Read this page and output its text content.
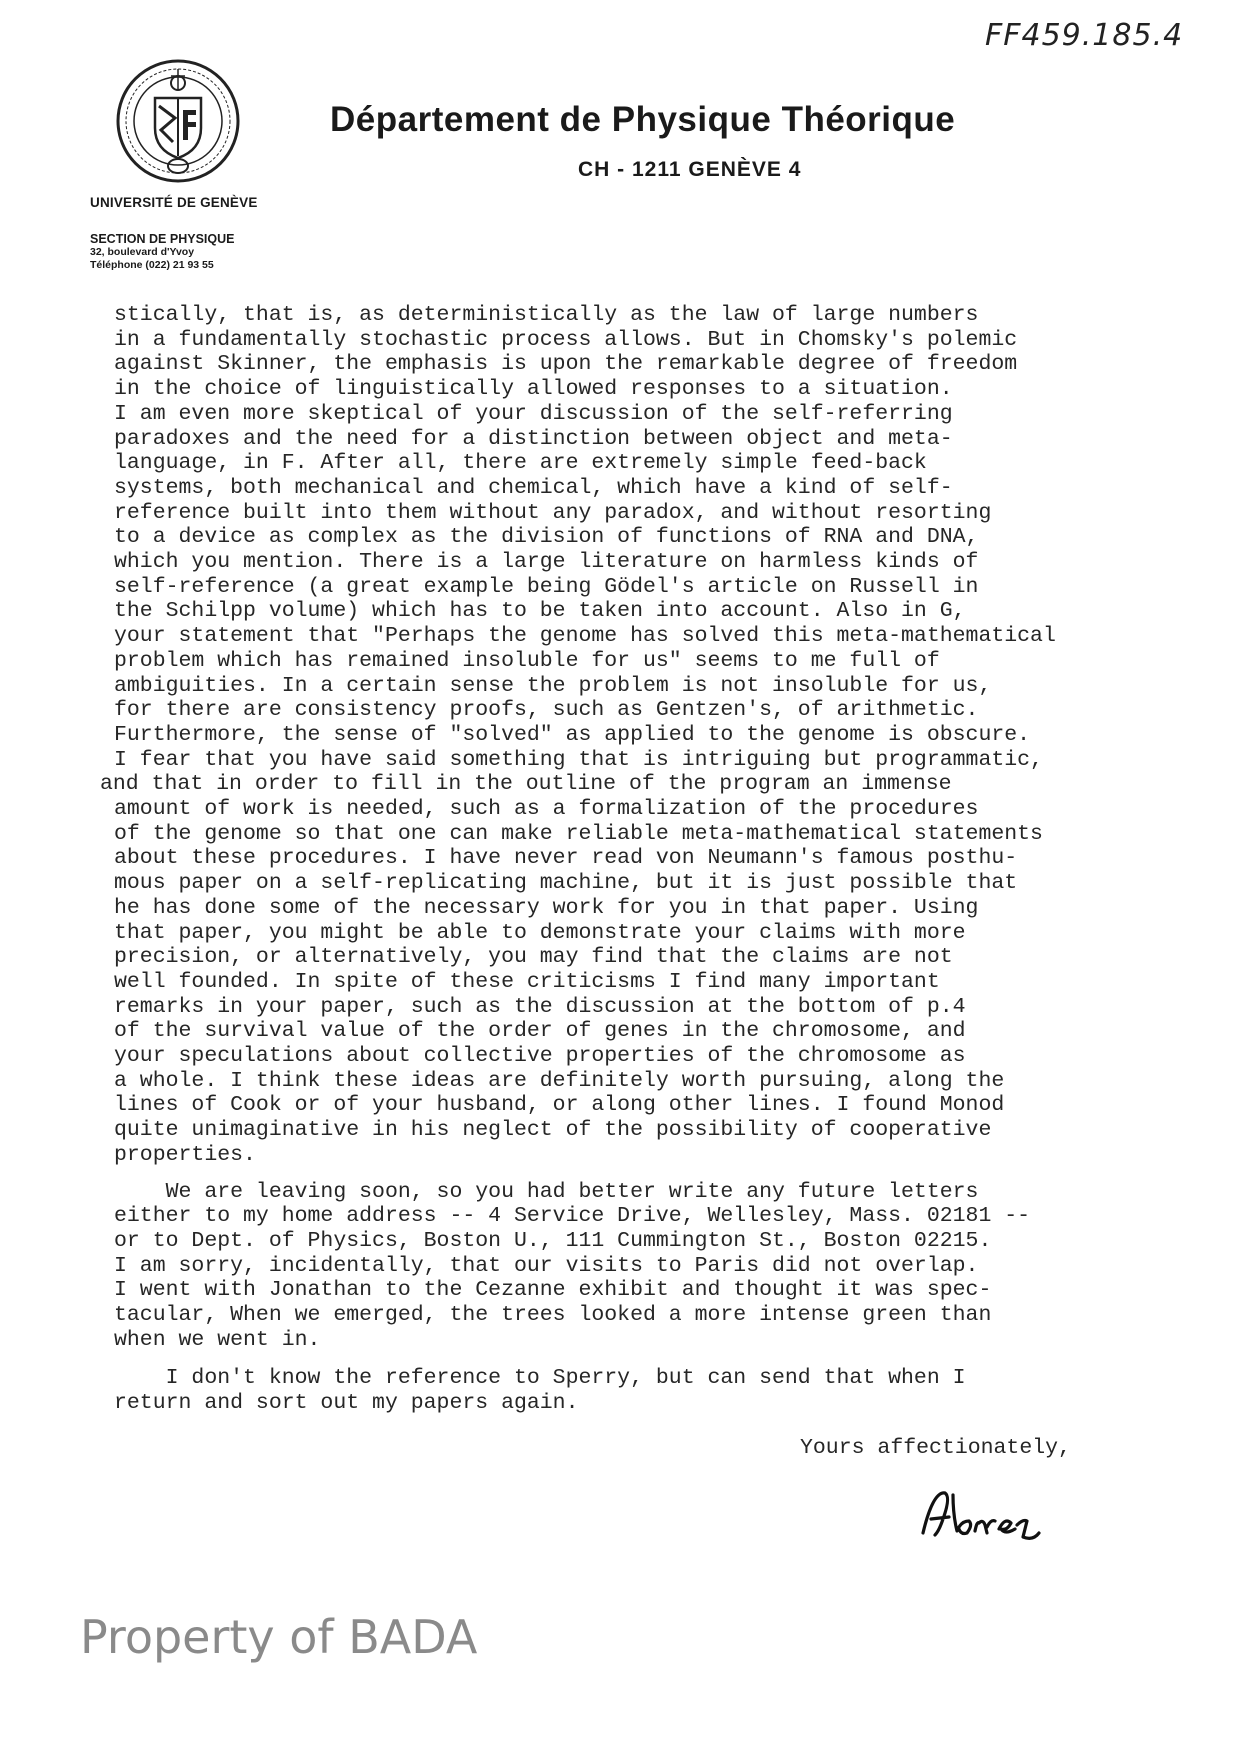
FF459.185.4
UNIVERSITÉ DE GENÈVE
SECTION DE PHYSIQUE
32, boulevard d'Yvoy
Téléphone (022) 21 93 55
Département de Physique Théorique
CH - 1211 GENÈVE 4
stically, that is, as deterministically as the law of large numbers
in a fundamentally stochastic process allows. But in Chomsky's polemic
against Skinner, the emphasis is upon the remarkable degree of freedom
in the choice of linguistically allowed responses to a situation.
I am even more skeptical of your discussion of the self-referring
paradoxes and the need for a distinction between object and meta-
language, in F. After all, there are extremely simple feed-back
systems, both mechanical and chemical, which have a kind of self-
reference built into them without any paradox, and without resorting
to a device as complex as the division of functions of RNA and DNA,
which you mention. There is a large literature on harmless kinds of
self-reference (a great example being Gödel's article on Russell in
the Schilpp volume) which has to be taken into account. Also in G,
your statement that "Perhaps the genome has solved this meta-mathematical
problem which has remained insoluble for us" seems to me full of
ambiguities. In a certain sense the problem is not insoluble for us,
for there are consistency proofs, such as Gentzen's, of arithmetic.
Furthermore, the sense of "solved" as applied to the genome is obscure.
I fear that you have said something that is intriguing but programmatic,
and that in order to fill in the outline of the program an immense
amount of work is needed, such as a formalization of the procedures
of the genome so that one can make reliable meta-mathematical statements
about these procedures. I have never read von Neumann's famous posthu-
mous paper on a self-replicating machine, but it is just possible that
he has done some of the necessary work for you in that paper. Using
that paper, you might be able to demonstrate your claims with more
precision, or alternatively, you may find that the claims are not
well founded. In spite of these criticisms I find many important
remarks in your paper, such as the discussion at the bottom of p.4
of the survival value of the order of genes in the chromosome, and
your speculations about collective properties of the chromosome as
a whole. I think these ideas are definitely worth pursuing, along the
lines of Cook or of your husband, or along other lines. I found Monod
quite unimaginative in his neglect of the possibility of cooperative
properties.
We are leaving soon, so you had better write any future letters
either to my home address -- 4 Service Drive, Wellesley, Mass. 02181 --
or to Dept. of Physics, Boston U., 111 Cummington St., Boston 02215.
I am sorry, incidentally, that our visits to Paris did not overlap.
I went with Jonathan to the Cezanne exhibit and thought it was spec-
tacular, When we emerged, the trees looked a more intense green than
when we went in.
I don't know the reference to Sperry, but can send that when I
return and sort out my papers again.
Yours affectionately,
Property of BADA
